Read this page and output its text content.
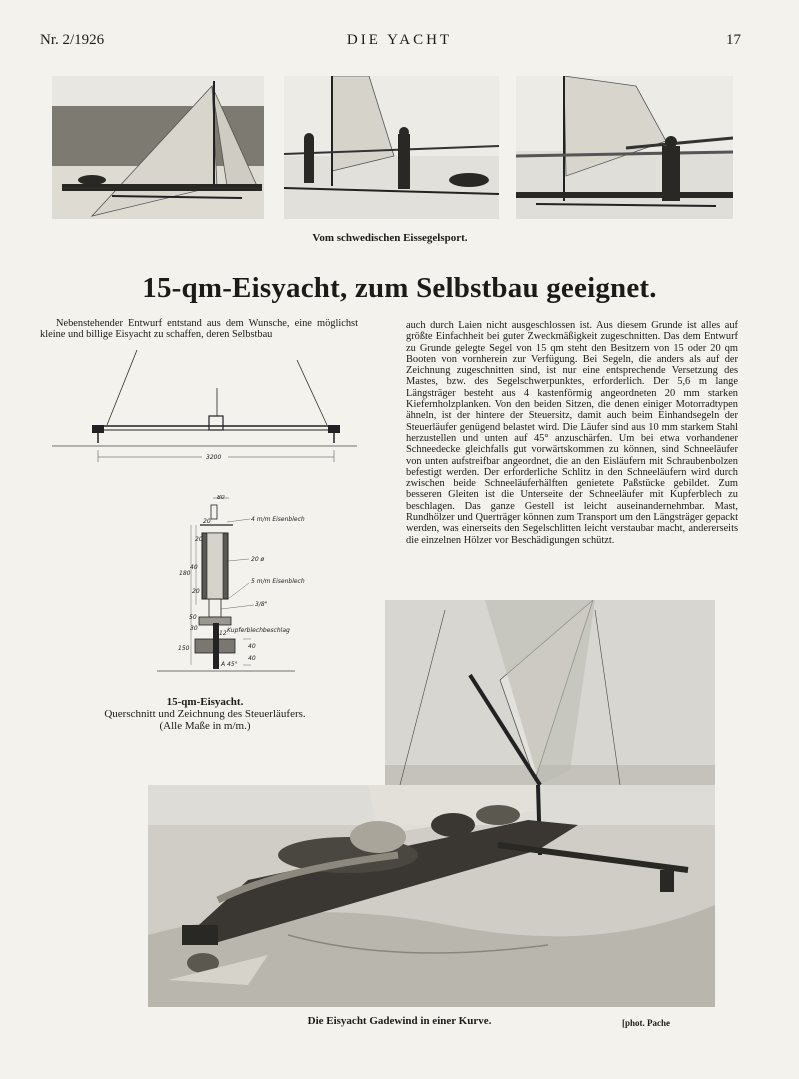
Nr. 2/1926	DIE YACHT	17
Vom schwedischen Eissegelsport.
15-qm-Eisyacht, zum Selbstbau geeignet.
Nebenstehender Entwurf entstand aus dem Wunsche, eine möglichst kleine und billige Eisyacht zu schaffen, deren Selbstbau
auch durch Laien nicht ausgeschlossen ist. Aus diesem Grunde ist alles auf größte Einfachheit bei guter Zweckmäßigkeit zugeschnitten. Das dem Entwurf zu Grunde gelegte Segel von 15 qm steht den Besitzern von 15 oder 20 qm Booten von vornherein zur Verfügung. Bei Segeln, die anders als auf der Zeichnung zugeschnitten sind, ist nur eine entsprechende Versetzung des Mastes, bzw. des Segelschwerpunktes, erforderlich. Der 5,6 m lange Längsträger besteht aus 4 kastenförmig angeordneten 20 mm starken Kiefernholzplanken. Von den beiden Sitzen, die denen einiger Motorradtypen ähneln, ist der hintere der Steuersitz, damit auch beim Einhandsegeln der Steuerläufer genügend belastet wird. Die Läufer sind aus 10 mm starkem Stahl herzustellen und unten auf 45° anzuschärfen. Um bei etwa vorhandener Schneedecke gleichfalls gut vorwärtskommen zu können, sind Schneeläufer von unten aufstreifbar angeordnet, die an den Eisläufern mit Schraubenbolzen befestigt werden. Der erforderliche Schlitz in den Schneeläufern wird durch zwischen beide Schneeläuferhälften genietete Paßstücke gebildet. Zum besseren Gleiten ist die Unterseite der Schneeläufer mit Kupferblech zu beschlagen. Das ganze Gestell ist leicht auseinandernehmbar. Mast, Rundhölzer und Querträger können zum Transport um den Längsträger gepackt werden, was einerseits den Segelschlitten leicht verstaubar macht, andererseits die einzelnen Hölzer vor Beschädigungen schützt.
3200
80
20	4 m/m Eisenblech
20
20 ø
180
40
20
5 m/m Eisenblech
3/8"
50
30
12 Kupferblechbeschlag
150	40
40
A 45°
15-qm-Eisyacht.
Querschnitt und Zeichnung des Steuerläufers.
(Alle Maße in m/m.)
Die Eisyacht Gadewind in einer Kurve.	[phot. Pache
